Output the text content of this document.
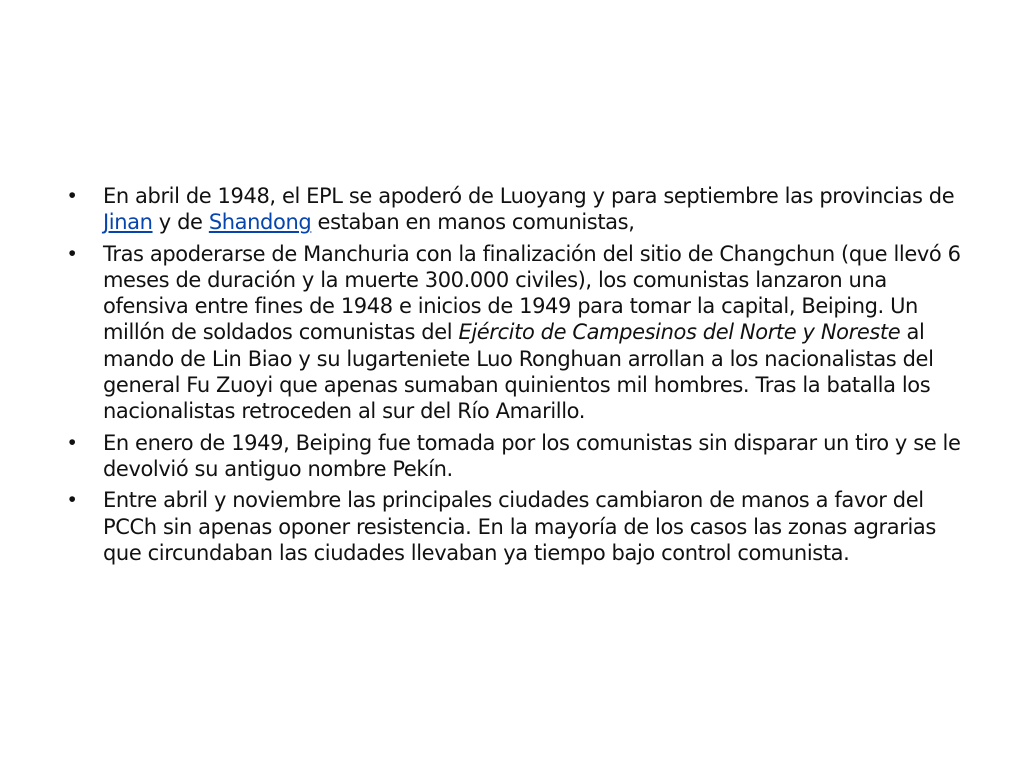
•	En abril de 1948, el EPL se apoderó de Luoyang y para septiembre las provincias de Jinan y de Shandong estaban en manos comunistas,
•	Tras apoderarse de Manchuria con la finalización del sitio de Changchun (que llevó 6 meses de duración y la muerte 300.000 civiles), los comunistas lanzaron una ofensiva entre fines de 1948 e inicios de 1949 para tomar la capital, Beiping. Un millón de soldados comunistas del Ejército de Campesinos del Norte y Noreste al mando de Lin Biao y su lugarteniete Luo Ronghuan arrollan a los nacionalistas del general Fu Zuoyi que apenas sumaban quinientos mil hombres. Tras la batalla los nacionalistas retroceden al sur del Río Amarillo.
•	En enero de 1949, Beiping fue tomada por los comunistas sin disparar un tiro y se le devolvió su antiguo nombre Pekín.
•	Entre abril y noviembre las principales ciudades cambiaron de manos a favor del PCCh sin apenas oponer resistencia. En la mayoría de los casos las zonas agrarias que circundaban las ciudades llevaban ya tiempo bajo control comunista.
